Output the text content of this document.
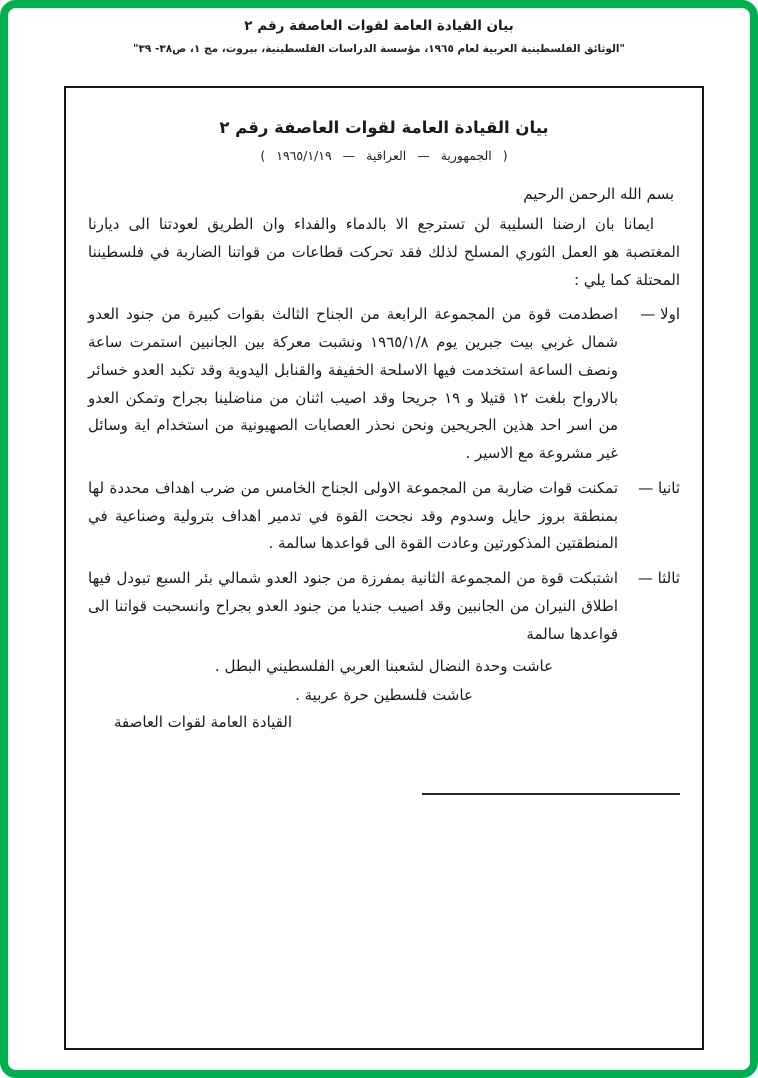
بيان القيادة العامة لقوات العاصفة رقم ٢
"الوثائق الفلسطينية العربية لعام ١٩٦٥، مؤسسة الدراسات الفلسطينية، بيروت، مج ١، ص٣٨- ٣٩"
بيان القيادة العامة لقوات العاصفة رقم ٢
( الجمهورية — العراقية — ١٩٦٥/١/١٩ )
بسم الله الرحمن الرحيم

ايمانا بان ارضنا السليبة لن تسترجع الا بالدماء والفداء وان الطريق لعودتنا الى ديارنا المغتصبة هو العمل الثوري المسلح لذلك فقد تحركت قطاعات من قواتنا الضاربة في فلسطيننا المحتلة كما يلي :

اولا —
اصطدمت قوة من المجموعة الرابعة من الجناح الثالث بقوات كبيرة من جنود العدو شمال غربي بيت جبرين يوم ١٩٦٥/١/٨ ونشبت معركة بين الجانبين استمرت ساعة ونصف الساعة استخدمت فيها الاسلحة الخفيفة والقنابل اليدوية وقد تكبد العدو خسائر بالارواح بلغت ١٢ قتيلا و ١٩ جريحا وقد اصيب اثنان من مناضلينا بجراح وتمكن العدو من اسر احد هذين الجريحين ونحن نحذر العصابات الصهيونية من استخدام اية وسائل غير مشروعة مع الاسير .
ثانيا —
تمكنت قوات ضاربة من المجموعة الاولى الجناح الخامس من ضرب اهداف محددة لها بمنطقة بروز حايل وسدوم وقد نجحت القوة في تدمير اهداف بترولية وصناعية في المنطقتين المذكورتين وعادت القوة الى قواعدها سالمة .
ثالثا —
اشتبكت قوة من المجموعة الثانية بمفرزة من جنود العدو شمالي بئر السبع تبودل فيها اطلاق النيران من الجانبين وقد اصيب جنديا من جنود العدو بجراح وانسحبت قواتنا الى قواعدها سالمة
عاشت وحدة النضال لشعبنا العربي الفلسطيني البطل .
عاشت فلسطين حرة عربية .
القيادة العامة لقوات العاصفة
